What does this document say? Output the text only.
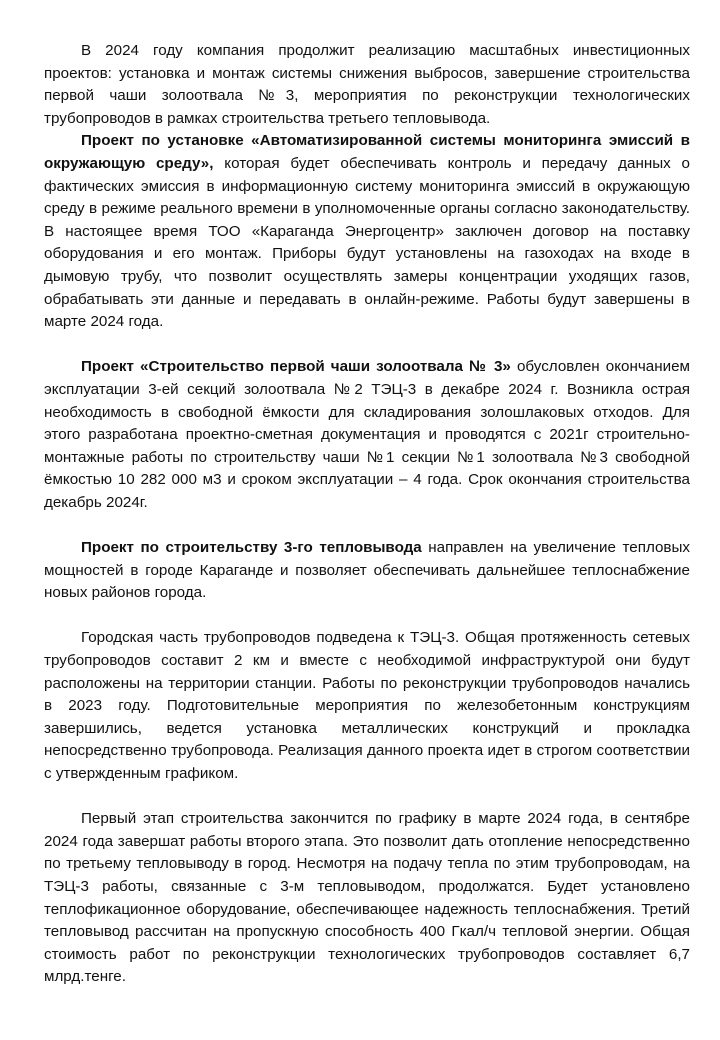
В 2024 году компания продолжит реализацию масштабных инвестиционных проектов: установка и монтаж системы снижения выбросов, завершение строительства первой чаши золоотвала №3, мероприятия по реконструкции технологических трубопроводов в рамках строительства третьего тепловывода.

Проект по установке «Автоматизированной системы мониторинга эмиссий в окружающую среду», которая будет обеспечивать контроль и передачу данных о фактических эмиссия в информационную систему мониторинга эмиссий в окружающую среду в режиме реального времени в уполномоченные органы согласно законодательству. В настоящее время ТОО «Караганда Энергоцентр» заключен договор на поставку оборудования и его монтаж. Приборы будут установлены на газоходах на входе в дымовую трубу, что позволит осуществлять замеры концентрации уходящих газов, обрабатывать эти данные и передавать в онлайн-режиме. Работы будут завершены в марте 2024 года.

Проект «Строительство первой чаши золоотвала № 3» обусловлен окончанием эксплуатации 3-ей секций золоотвала №2 ТЭЦ-3 в декабре 2024 г. Возникла острая необходимость в свободной ёмкости для складирования золошлаковых отходов. Для этого разработана проектно-сметная документация и проводятся с 2021г строительно-монтажные работы по строительству чаши №1 секции №1 золоотвала №3 свободной ёмкостью 10 282 000 м3 и сроком эксплуатации – 4 года. Срок окончания строительства декабрь 2024г.

Проект по строительству 3-го тепловывода направлен на увеличение тепловых мощностей в городе Караганде и позволяет обеспечивать дальнейшее теплоснабжение новых районов города.

Городская часть трубопроводов подведена к ТЭЦ-3. Общая протяженность сетевых трубопроводов составит 2 км и вместе с необходимой инфраструктурой они будут расположены на территории станции. Работы по реконструкции трубопроводов начались в 2023 году. Подготовительные мероприятия по железобетонным конструкциям завершились, ведется установка металлических конструкций и прокладка непосредственно трубопровода. Реализация данного проекта идет в строгом соответствии с утвержденным графиком.

Первый этап строительства закончится по графику в марте 2024 года, в сентябре 2024 года завершат работы второго этапа. Это позволит дать отопление непосредственно по третьему тепловыводу в город. Несмотря на подачу тепла по этим трубопроводам, на ТЭЦ-3 работы, связанные с 3-м тепловыводом, продолжатся. Будет установлено теплофикационное оборудование, обеспечивающее надежность теплоснабжения. Третий тепловывод рассчитан на пропускную способность 400 Гкал/ч тепловой энергии. Общая стоимость работ по реконструкции технологических трубопроводов составляет 6,7 млрд.тенге.
